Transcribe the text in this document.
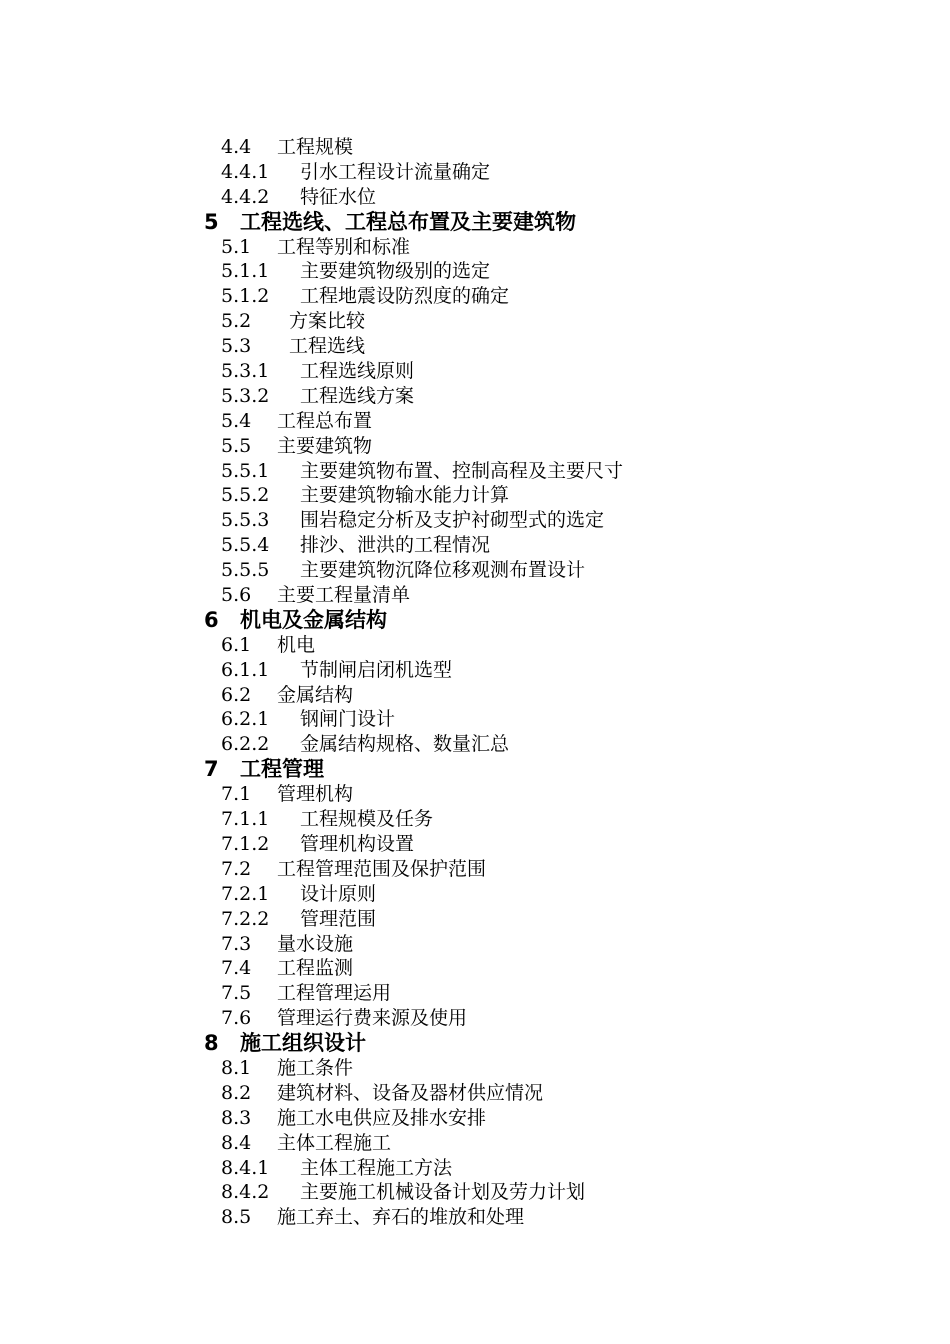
4.4 工程规模
4.4.1 引水工程设计流量确定
4.4.2 特征水位
5 工程选线、工程总布置及主要建筑物
5.1 工程等别和标准
5.1.1 主要建筑物级别的选定
5.1.2 工程地震设防烈度的确定
5.2 方案比较
5.3 工程选线
5.3.1 工程选线原则
5.3.2 工程选线方案
5.4 工程总布置
5.5 主要建筑物
5.5.1 主要建筑物布置、控制高程及主要尺寸
5.5.2 主要建筑物输水能力计算
5.5.3 围岩稳定分析及支护衬砌型式的选定
5.5.4 排沙、泄洪的工程情况
5.5.5 主要建筑物沉降位移观测布置设计
5.6 主要工程量清单
6 机电及金属结构
6.1 机电
6.1.1 节制闸启闭机选型
6.2 金属结构
6.2.1 钢闸门设计
6.2.2 金属结构规格、数量汇总
7 工程管理
7.1 管理机构
7.1.1 工程规模及任务
7.1.2 管理机构设置
7.2 工程管理范围及保护范围
7.2.1 设计原则
7.2.2 管理范围
7.3 量水设施
7.4 工程监测
7.5 工程管理运用
7.6 管理运行费来源及使用
8 施工组织设计
8.1 施工条件
8.2 建筑材料、设备及器材供应情况
8.3 施工水电供应及排水安排
8.4 主体工程施工
8.4.1 主体工程施工方法
8.4.2 主要施工机械设备计划及劳力计划
8.5 施工弃土、弃石的堆放和处理
